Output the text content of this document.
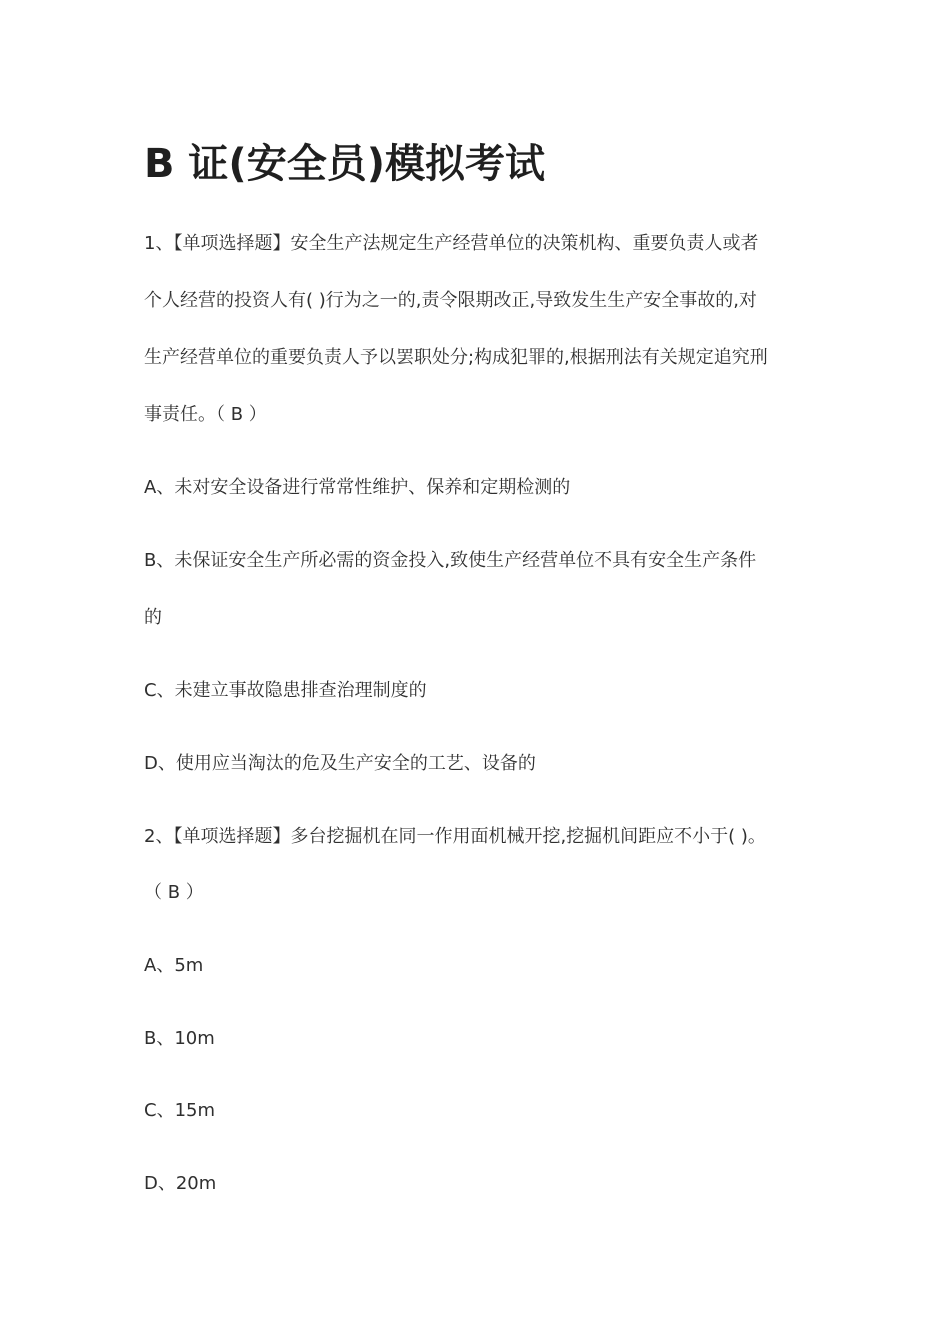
B 证(安全员)模拟考试

1、【单项选择题】安全生产法规定生产经营单位的决策机构、重要负责人或者

个人经营的投资人有( )行为之一的,责令限期改正,导致发生生产安全事故的,对

生产经营单位的重要负责人予以罢职处分;构成犯罪的,根据刑法有关规定追究刑

事责任。（ B ）

A、未对安全设备进行常常性维护、保养和定期检测的

B、未保证安全生产所必需的资金投入,致使生产经营单位不具有安全生产条件

的

C、未建立事故隐患排查治理制度的

D、使用应当淘汰的危及生产安全的工艺、设备的

2、【单项选择题】多台挖掘机在同一作用面机械开挖,挖掘机间距应不小于( )。

（ B ）

A、5m

B、10m

C、15m

D、20m
